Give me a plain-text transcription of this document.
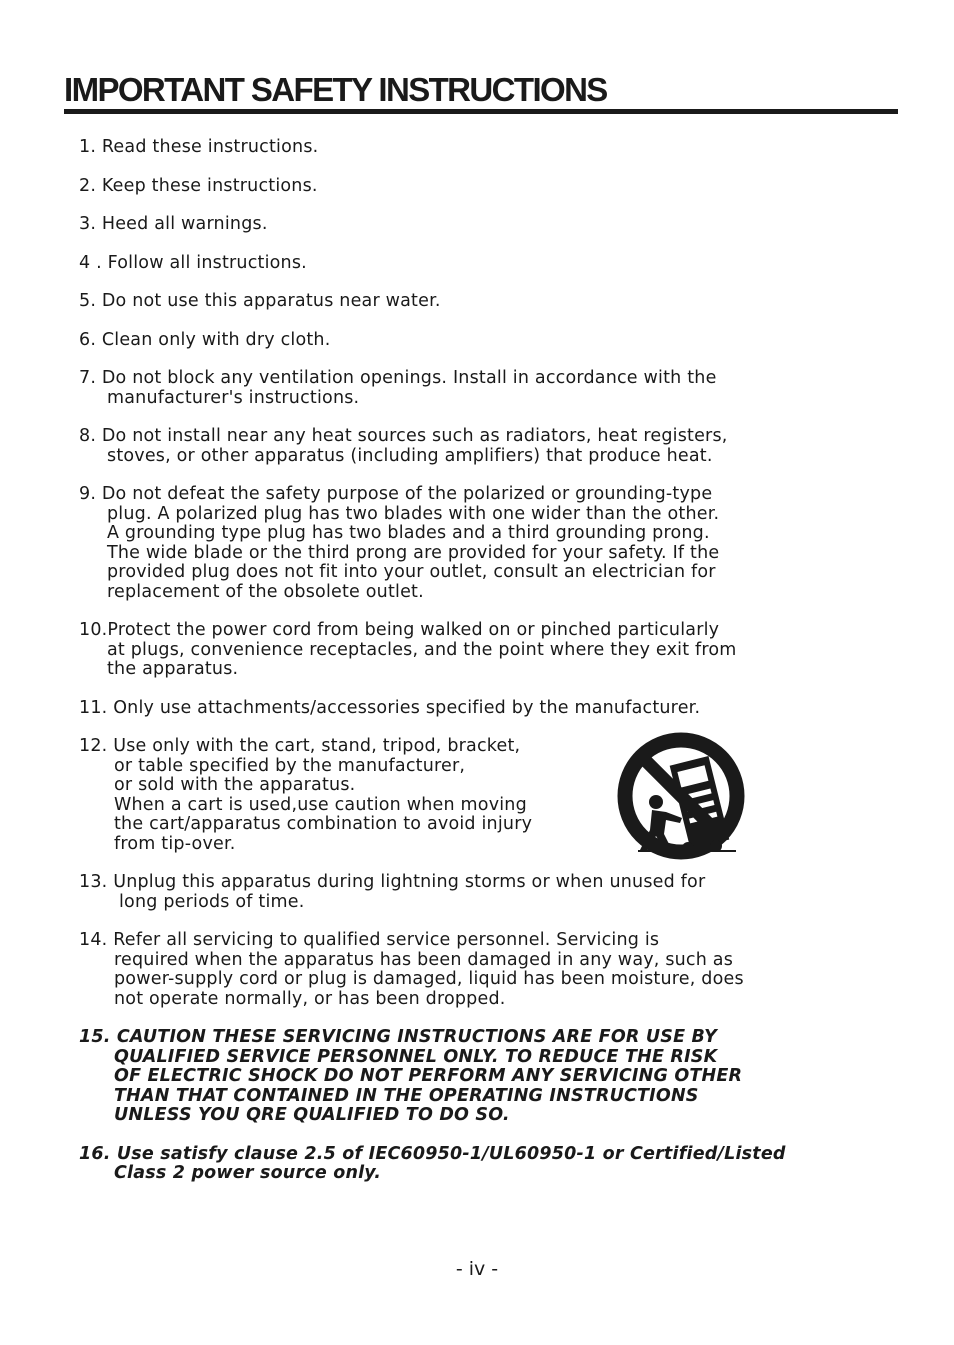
IMPORTANT SAFETY INSTRUCTIONS
1. Read these instructions.
2. Keep these instructions.
3. Heed all warnings.
4 . Follow all instructions.
5. Do not use this apparatus near water.
6. Clean only with dry cloth.
7. Do not block any ventilation openings. Install in accordance with the
manufacturer's instructions.
8. Do not install near any heat sources such as radiators, heat registers,
stoves, or other apparatus (including amplifiers) that produce heat.
9. Do not defeat the safety purpose of the polarized or grounding-type
plug. A polarized plug has two blades with one wider than the other.
A grounding type plug has two blades and a third grounding prong.
The wide blade or the third prong are provided for your safety. If the
provided plug does not fit into your outlet, consult an electrician for
replacement of the obsolete outlet.
10.Protect the power cord from being walked on or pinched particularly
at plugs, convenience receptacles, and the point where they exit from
the apparatus.
11. Only use attachments/accessories specified by the manufacturer.
12. Use only with the cart, stand, tripod, bracket,
or table specified by the manufacturer,
or sold with the apparatus.
When a cart is used,use caution when moving
the cart/apparatus combination to avoid injury
from tip-over.
13. Unplug this apparatus during lightning storms or when unused for
long periods of time.
14. Refer all servicing to qualified service personnel. Servicing is
required when the apparatus has been damaged in any way, such as
power-supply cord or plug is damaged, liquid has been moisture, does
not operate normally, or has been dropped.
15. CAUTION THESE SERVICING INSTRUCTIONS ARE FOR USE BY
QUALIFIED SERVICE PERSONNEL ONLY. TO REDUCE THE RISK
OF ELECTRIC SHOCK DO NOT PERFORM ANY SERVICING OTHER
THAN THAT CONTAINED IN THE OPERATING INSTRUCTIONS
UNLESS YOU QRE QUALIFIED TO DO SO.
16. Use satisfy clause 2.5 of IEC60950-1/UL60950-1 or Certified/Listed
Class 2 power source only.
- iv -
